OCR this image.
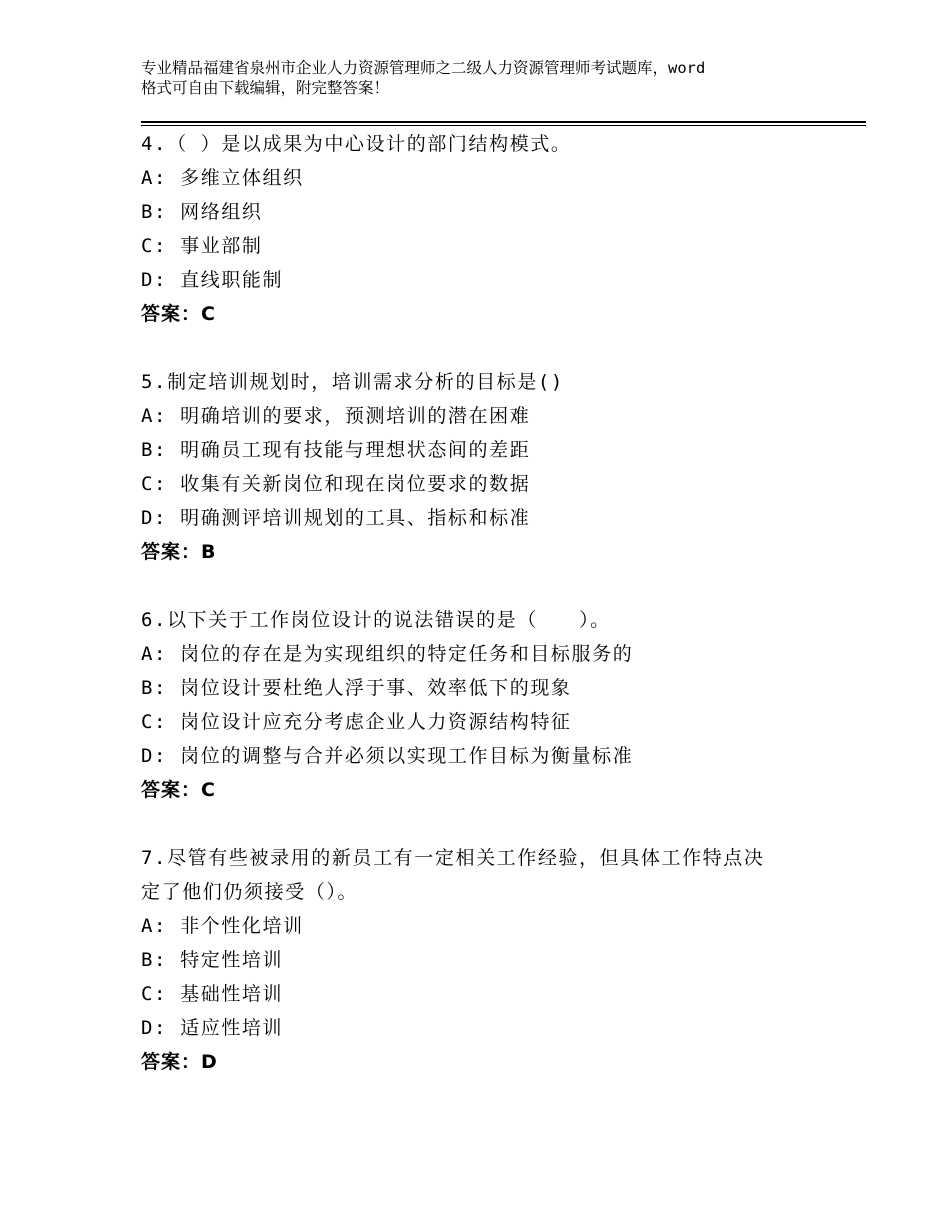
专业精品福建省泉州市企业人力资源管理师之二级人力资源管理师考试题库，word
格式可自由下载编辑，附完整答案！
4.（ ）是以成果为中心设计的部门结构模式。
A: 多维立体组织
B: 网络组织
C: 事业部制
D: 直线职能制
答案：C
5.制定培训规划时，培训需求分析的目标是()
A: 明确培训的要求，预测培训的潜在困难
B: 明确员工现有技能与理想状态间的差距
C: 收集有关新岗位和现在岗位要求的数据
D: 明确测评培训规划的工具、指标和标准
答案：B
6.以下关于工作岗位设计的说法错误的是（　　）。
A: 岗位的存在是为实现组织的特定任务和目标服务的
B: 岗位设计要杜绝人浮于事、效率低下的现象
C: 岗位设计应充分考虑企业人力资源结构特征
D: 岗位的调整与合并必须以实现工作目标为衡量标准
答案：C
7.尽管有些被录用的新员工有一定相关工作经验，但具体工作特点决
定了他们仍须接受（）。
A: 非个性化培训
B: 特定性培训
C: 基础性培训
D: 适应性培训
答案：D
